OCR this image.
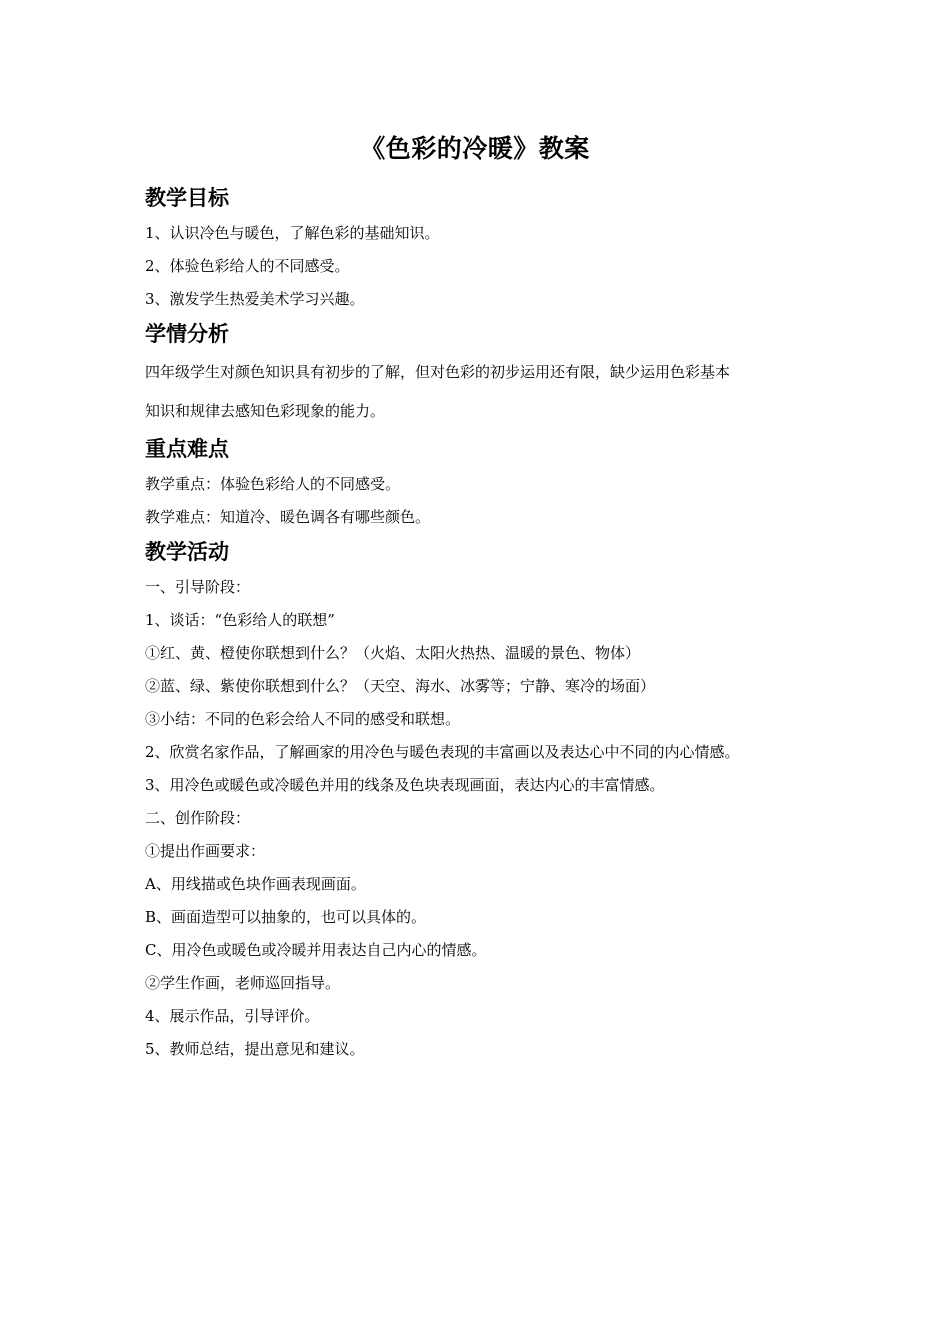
《色彩的冷暖》教案
教学目标
1、认识冷色与暖色，了解色彩的基础知识。
2、体验色彩给人的不同感受。
3、激发学生热爱美术学习兴趣。
学情分析
四年级学生对颜色知识具有初步的了解，但对色彩的初步运用还有限，缺少运用色彩基本
知识和规律去感知色彩现象的能力。
重点难点
教学重点：体验色彩给人的不同感受。
教学难点：知道冷、暖色调各有哪些颜色。
教学活动
一、引导阶段：
1、谈话：“色彩给人的联想”
①红、黄、橙使你联想到什么？（火焰、太阳火热热、温暖的景色、物体）
②蓝、绿、紫使你联想到什么？（天空、海水、冰雾等；宁静、寒冷的场面）
③小结：不同的色彩会给人不同的感受和联想。
2、欣赏名家作品，了解画家的用冷色与暖色表现的丰富画以及表达心中不同的内心情感。
3、用冷色或暖色或冷暖色并用的线条及色块表现画面，表达内心的丰富情感。
二、创作阶段：
①提出作画要求：
A、用线描或色块作画表现画面。
B、画面造型可以抽象的，也可以具体的。
C、用冷色或暖色或冷暖并用表达自己内心的情感。
②学生作画，老师巡回指导。
4、展示作品，引导评价。
5、教师总结，提出意见和建议。
